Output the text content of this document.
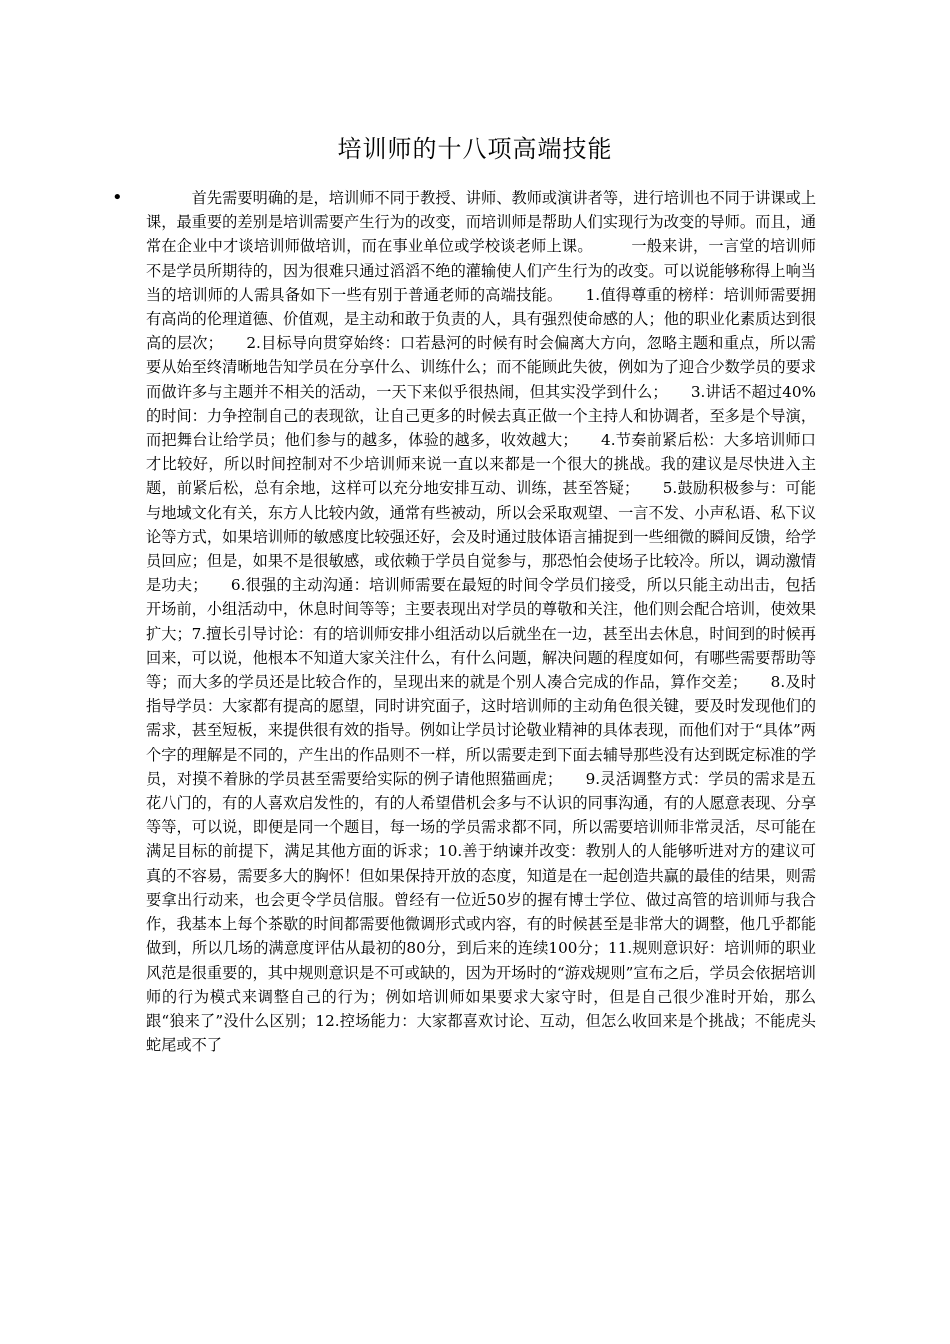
培训师的十八项高端技能
• 　　　首先需要明确的是，培训师不同于教授、讲师、教师或演讲者等，进行培训也不同于讲课或上课，最重要的差别是培训需要产生行为的改变，而培训师是帮助人们实现行为改变的导师。而且，通常在企业中才谈培训师做培训，而在事业单位或学校谈老师上课。　　　一般来讲，一言堂的培训师不是学员所期待的，因为很难只通过滔滔不绝的灌输使人们产生行为的改变。可以说能够称得上响当当的培训师的人需具备如下一些有别于普通老师的高端技能。　　1.值得尊重的榜样：培训师需要拥有高尚的伦理道德、价值观，是主动和敢于负责的人，具有强烈使命感的人；他的职业化素质达到很高的层次；　　2.目标导向贯穿始终：口若悬河的时候有时会偏离大方向，忽略主题和重点，所以需要从始至终清晰地告知学员在分享什么、训练什么；而不能顾此失彼，例如为了迎合少数学员的要求而做许多与主题并不相关的活动，一天下来似乎很热闹，但其实没学到什么；　　3.讲话不超过40%的时间：力争控制自己的表现欲，让自己更多的时候去真正做一个主持人和协调者，至多是个导演，而把舞台让给学员；他们参与的越多，体验的越多，收效越大；　　4.节奏前紧后松：大多培训师口才比较好，所以时间控制对不少培训师来说一直以来都是一个很大的挑战。我的建议是尽快进入主题，前紧后松，总有余地，这样可以充分地安排互动、训练，甚至答疑；　　5.鼓励积极参与：可能与地域文化有关，东方人比较内敛，通常有些被动，所以会采取观望、一言不发、小声私语、私下议论等方式，如果培训师的敏感度比较强还好，会及时通过肢体语言捕捉到一些细微的瞬间反馈，给学员回应；但是，如果不是很敏感，或依赖于学员自觉参与，那恐怕会使场子比较冷。所以，调动激情是功夫；　　6.很强的主动沟通：培训师需要在最短的时间令学员们接受，所以只能主动出击，包括开场前，小组活动中，休息时间等等；主要表现出对学员的尊敬和关注，他们则会配合培训，使效果扩大；7.擅长引导讨论：有的培训师安排小组活动以后就坐在一边，甚至出去休息，时间到的时候再回来，可以说，他根本不知道大家关注什么，有什么问题，解决问题的程度如何，有哪些需要帮助等等；而大多的学员还是比较合作的，呈现出来的就是个别人凑合完成的作品，算作交差；　　8.及时指导学员：大家都有提高的愿望，同时讲究面子，这时培训师的主动角色很关键，要及时发现他们的需求，甚至短板，来提供很有效的指导。例如让学员讨论敬业精神的具体表现，而他们对于“具体”两个字的理解是不同的，产生出的作品则不一样，所以需要走到下面去辅导那些没有达到既定标准的学员，对摸不着脉的学员甚至需要给实际的例子请他照猫画虎；　　9.灵活调整方式：学员的需求是五花八门的，有的人喜欢启发性的，有的人希望借机会多与不认识的同事沟通，有的人愿意表现、分享等等，可以说，即便是同一个题目，每一场的学员需求都不同，所以需要培训师非常灵活，尽可能在满足目标的前提下，满足其他方面的诉求；10.善于纳谏并改变：教别人的人能够听进对方的建议可真的不容易，需要多大的胸怀！但如果保持开放的态度，知道是在一起创造共赢的最佳的结果，则需要拿出行动来，也会更令学员信服。曾经有一位近50岁的握有博士学位、做过高管的培训师与我合作，我基本上每个茶歇的时间都需要他微调形式或内容，有的时候甚至是非常大的调整，他几乎都能做到，所以几场的满意度评估从最初的80分，到后来的连续100分；11.规则意识好：培训师的职业风范是很重要的，其中规则意识是不可或缺的，因为开场时的“游戏规则”宣布之后，学员会依据培训师的行为模式来调整自己的行为；例如培训师如果要求大家守时，但是自己很少准时开始，那么跟“狼来了”没什么区别；12.控场能力：大家都喜欢讨论、互动，但怎么收回来是个挑战；不能虎头蛇尾或不了
